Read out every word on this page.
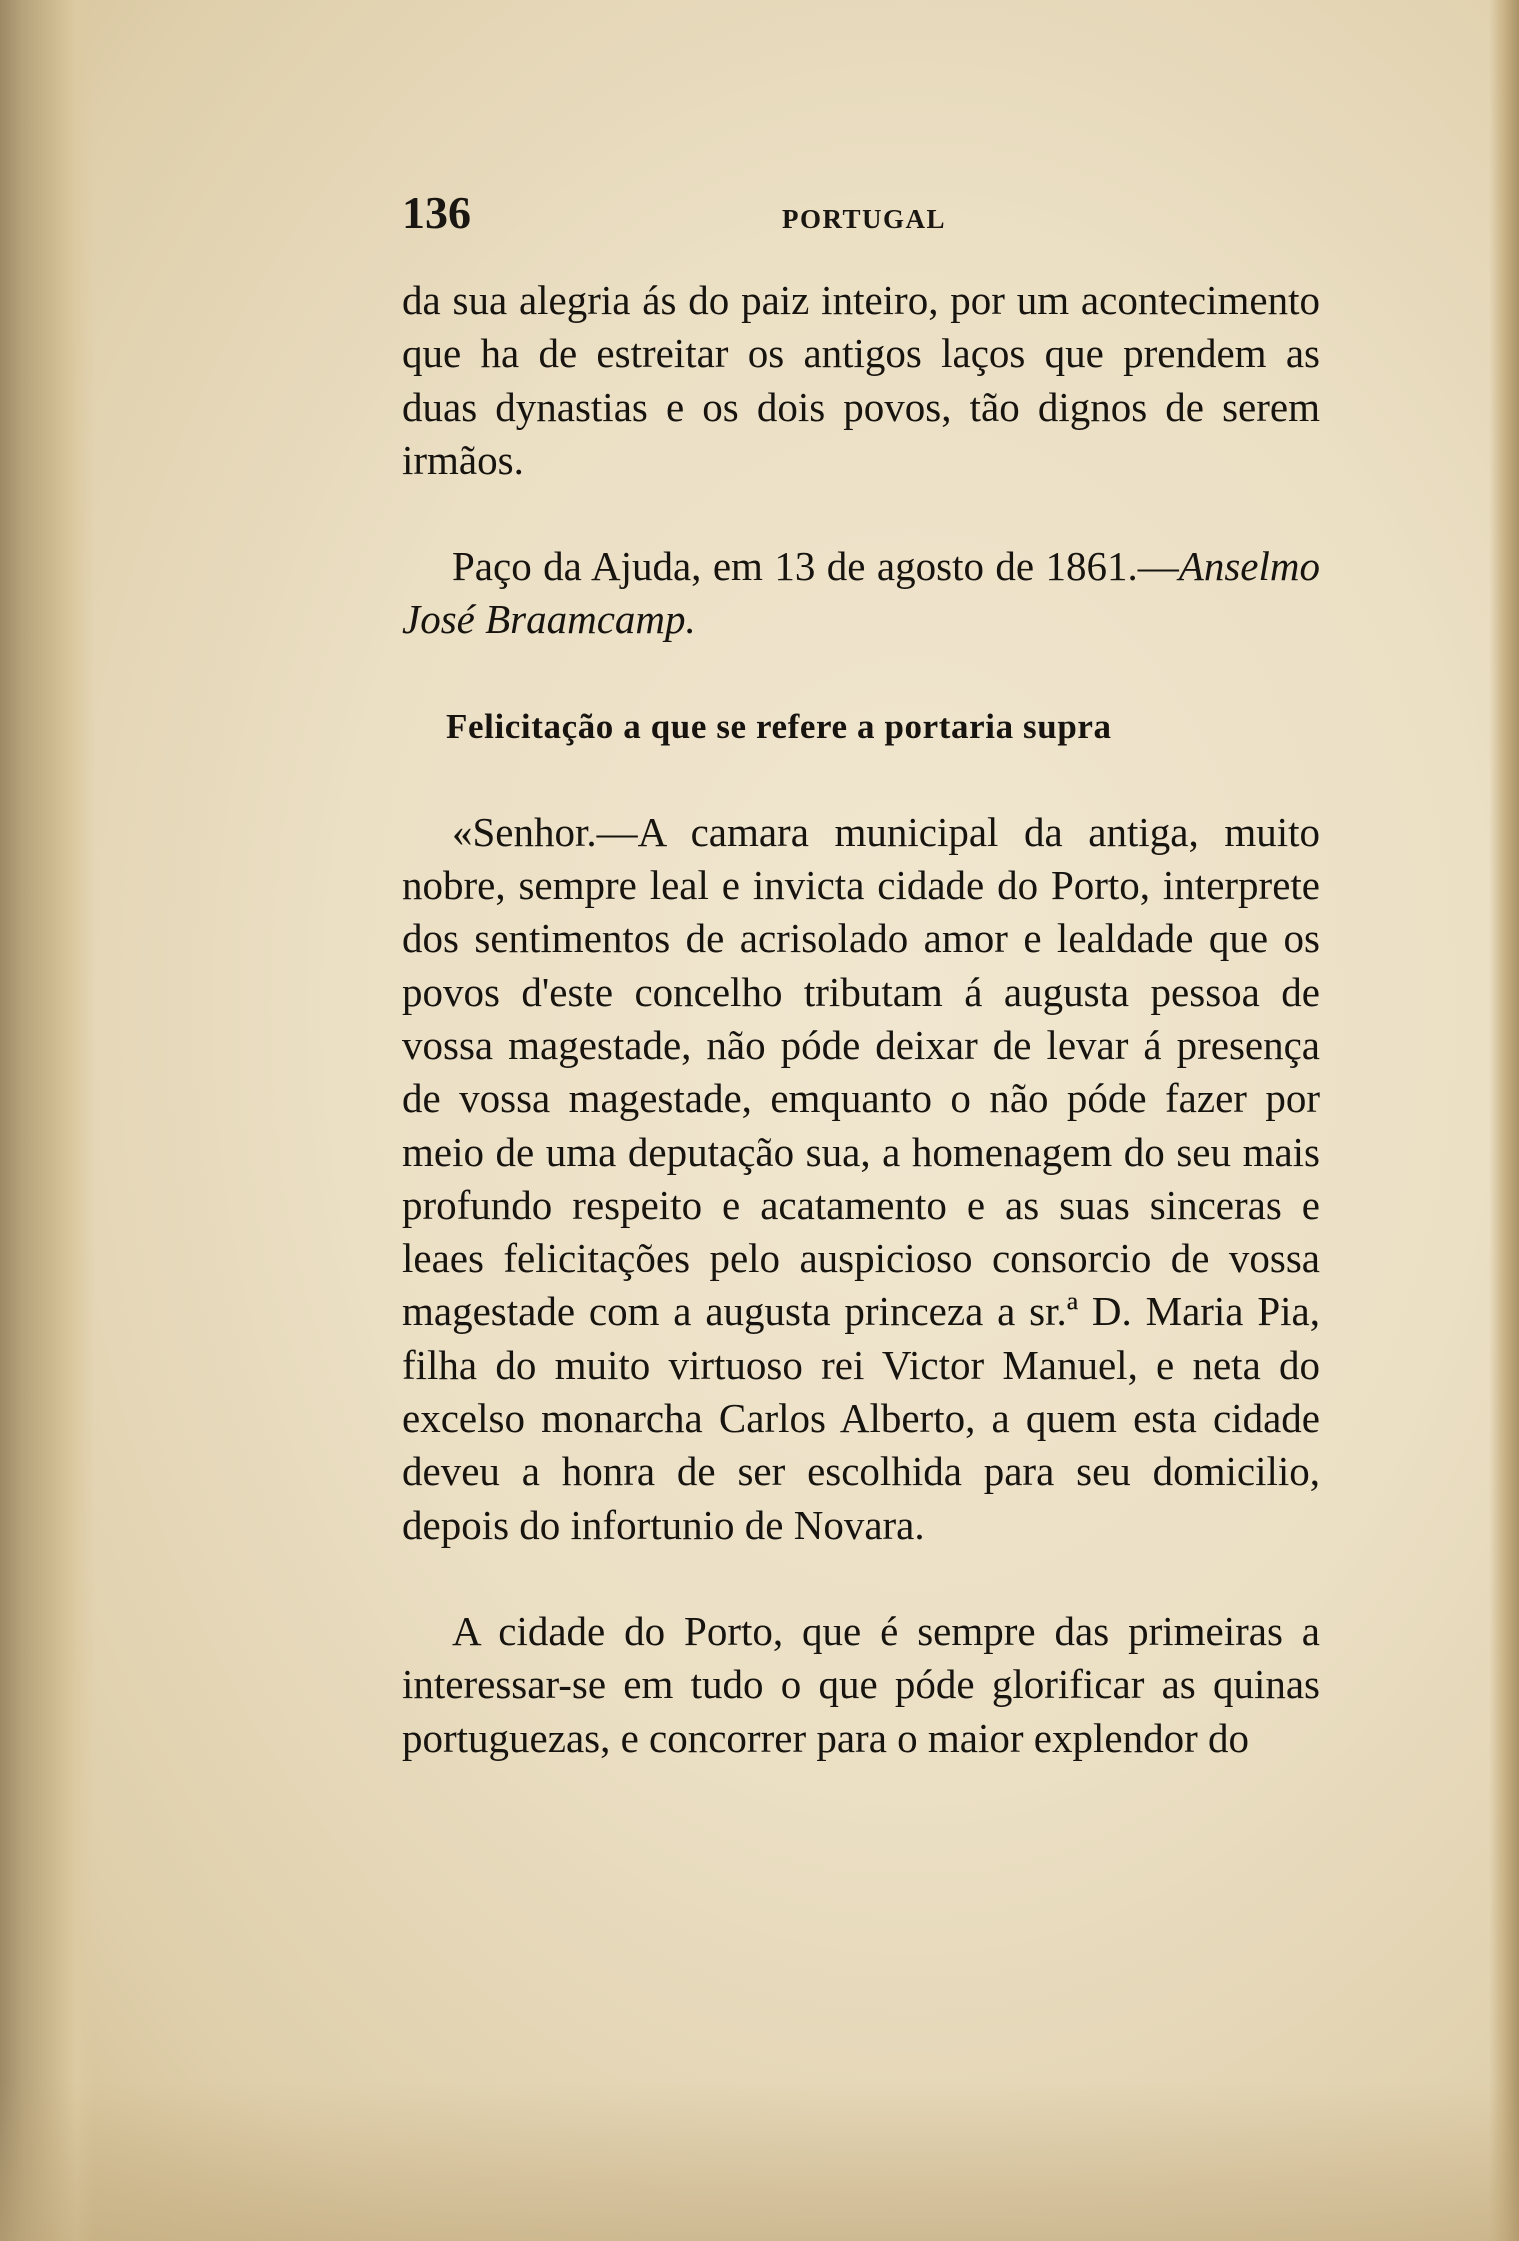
136	PORTUGAL

da sua alegria ás do paiz inteiro, por um acontecimento que ha de estreitar os antigos laços que prendem as duas dynastias e os dois povos, tão dignos de serem irmãos.

Paço da Ajuda, em 13 de agosto de 1861.—Anselmo José Braamcamp.

Felicitação a que se refere a portaria supra

«Senhor.—A camara municipal da antiga, muito nobre, sempre leal e invicta cidade do Porto, interprete dos sentimentos de acrisolado amor e lealdade que os povos d'este concelho tributam á augusta pessoa de vossa magestade, não póde deixar de levar á presença de vossa magestade, emquanto o não póde fazer por meio de uma deputação sua, a homenagem do seu mais profundo respeito e acatamento e as suas sinceras e leaes felicitações pelo auspicioso consorcio de vossa magestade com a augusta princeza a sr.ª D. Maria Pia, filha do muito virtuoso rei Victor Manuel, e neta do excelso monarcha Carlos Alberto, a quem esta cidade deveu a honra de ser escolhida para seu domicilio, depois do infortunio de Novara.

A cidade do Porto, que é sempre das primeiras a interessar-se em tudo o que póde glorificar as quinas portuguezas, e concorrer para o maior explendor do
